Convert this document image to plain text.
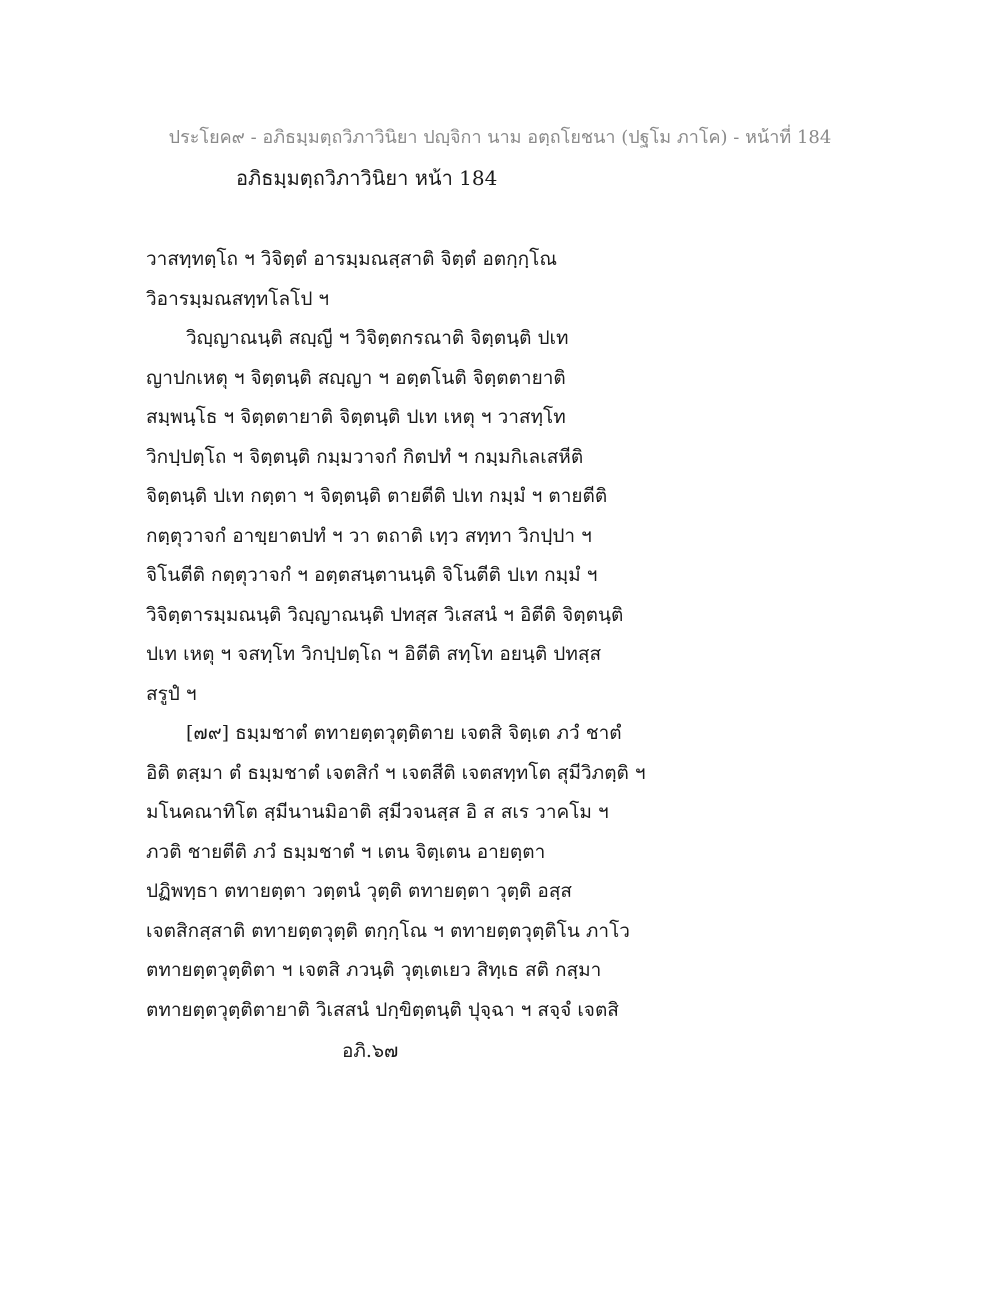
ประโยค๙ - อภิธมฺมตฺถวิภาวินิยา ปญฺจิกา นาม อตฺถโยชนา (ปฐโม ภาโค) - หน้าที่ 184
อภิธมฺมตฺถวิภาวินิยา หน้า 184
วาสทฺทตฺโถ ฯ วิจิตฺตํ อารมฺมณสฺสาติ จิตฺตํ อตกฺกฺโณ
วิอารมฺมณสทฺทโลโป ฯ
วิญฺญาณนฺติ สญฺญี ฯ วิจิตฺตกรณาติ จิตฺตนฺติ ปเท
ญาปกเหตุ ฯ จิตฺตนฺติ สญฺญา ฯ อตฺตโนติ จิตฺตตายาติ
สมฺพนฺโธ ฯ จิตฺตตายาติ จิตฺตนฺติ ปเท เหตุ ฯ วาสทฺโท
วิกปฺปตฺโถ ฯ จิตฺตนฺติ กมฺมวาจกํ กิตปทํ ฯ กมฺมกิเลเสหีติ
จิตฺตนฺติ ปเท กตฺตา ฯ จิตฺตนฺติ ตายตีติ ปเท กมฺมํ ฯ ตายตีติ
กตฺตุวาจกํ อาขฺยาตปทํ ฯ วา ตถาติ เทฺว สทฺทา วิกปฺปา ฯ
จิโนตีติ กตฺตุวาจกํ ฯ อตฺตสนฺตานนฺติ จิโนตีติ ปเท กมฺมํ ฯ
วิจิตฺตารมฺมณนฺติ วิญฺญาณนฺติ ปทสฺส วิเสสนํ ฯ อิตีติ จิตฺตนฺติ
ปเท เหตุ ฯ จสทฺโท วิกปฺปตฺโถ ฯ อิตีติ สทฺโท อยนฺติ ปทสฺส
สรูปํ ฯ
[๗๙] ธมฺมชาตํ ตทายตฺตวุตฺติตาย เจตสิ จิตฺเต ภวํ ชาตํ
อิติ ตสฺมา ตํ ธมฺมชาตํ เจตสิกํ ฯ เจตสีติ เจตสทฺทโต สุมีวิภตฺติ ฯ
มโนคณาทิโต สฺมีนานมิอาติ สฺมีวจนสฺส อิ ส สเร วาคโม ฯ
ภวติ ชายตีติ ภวํ ธมฺมชาตํ ฯ เตน จิตฺเตน อายตฺตา
ปฏิพทฺธา ตทายตฺตา วตฺตนํ วุตฺติ ตทายตฺตา วุตฺติ อสฺส
เจตสิกสฺสาติ ตทายตฺตวุตฺติ ตกฺกฺโณ ฯ ตทายตฺตวุตฺติโน ภาโว
ตทายตฺตวุตฺติตา ฯ เจตสิ ภวนฺติ วุตฺเตเยว สิทฺเธ สติ กสฺมา
ตทายตฺตวุตฺติตายาติ วิเสสนํ ปกฺขิตฺตนฺติ ปุจฺฉา ฯ สจฺจํ เจตสิ
อภิ.๖๗
